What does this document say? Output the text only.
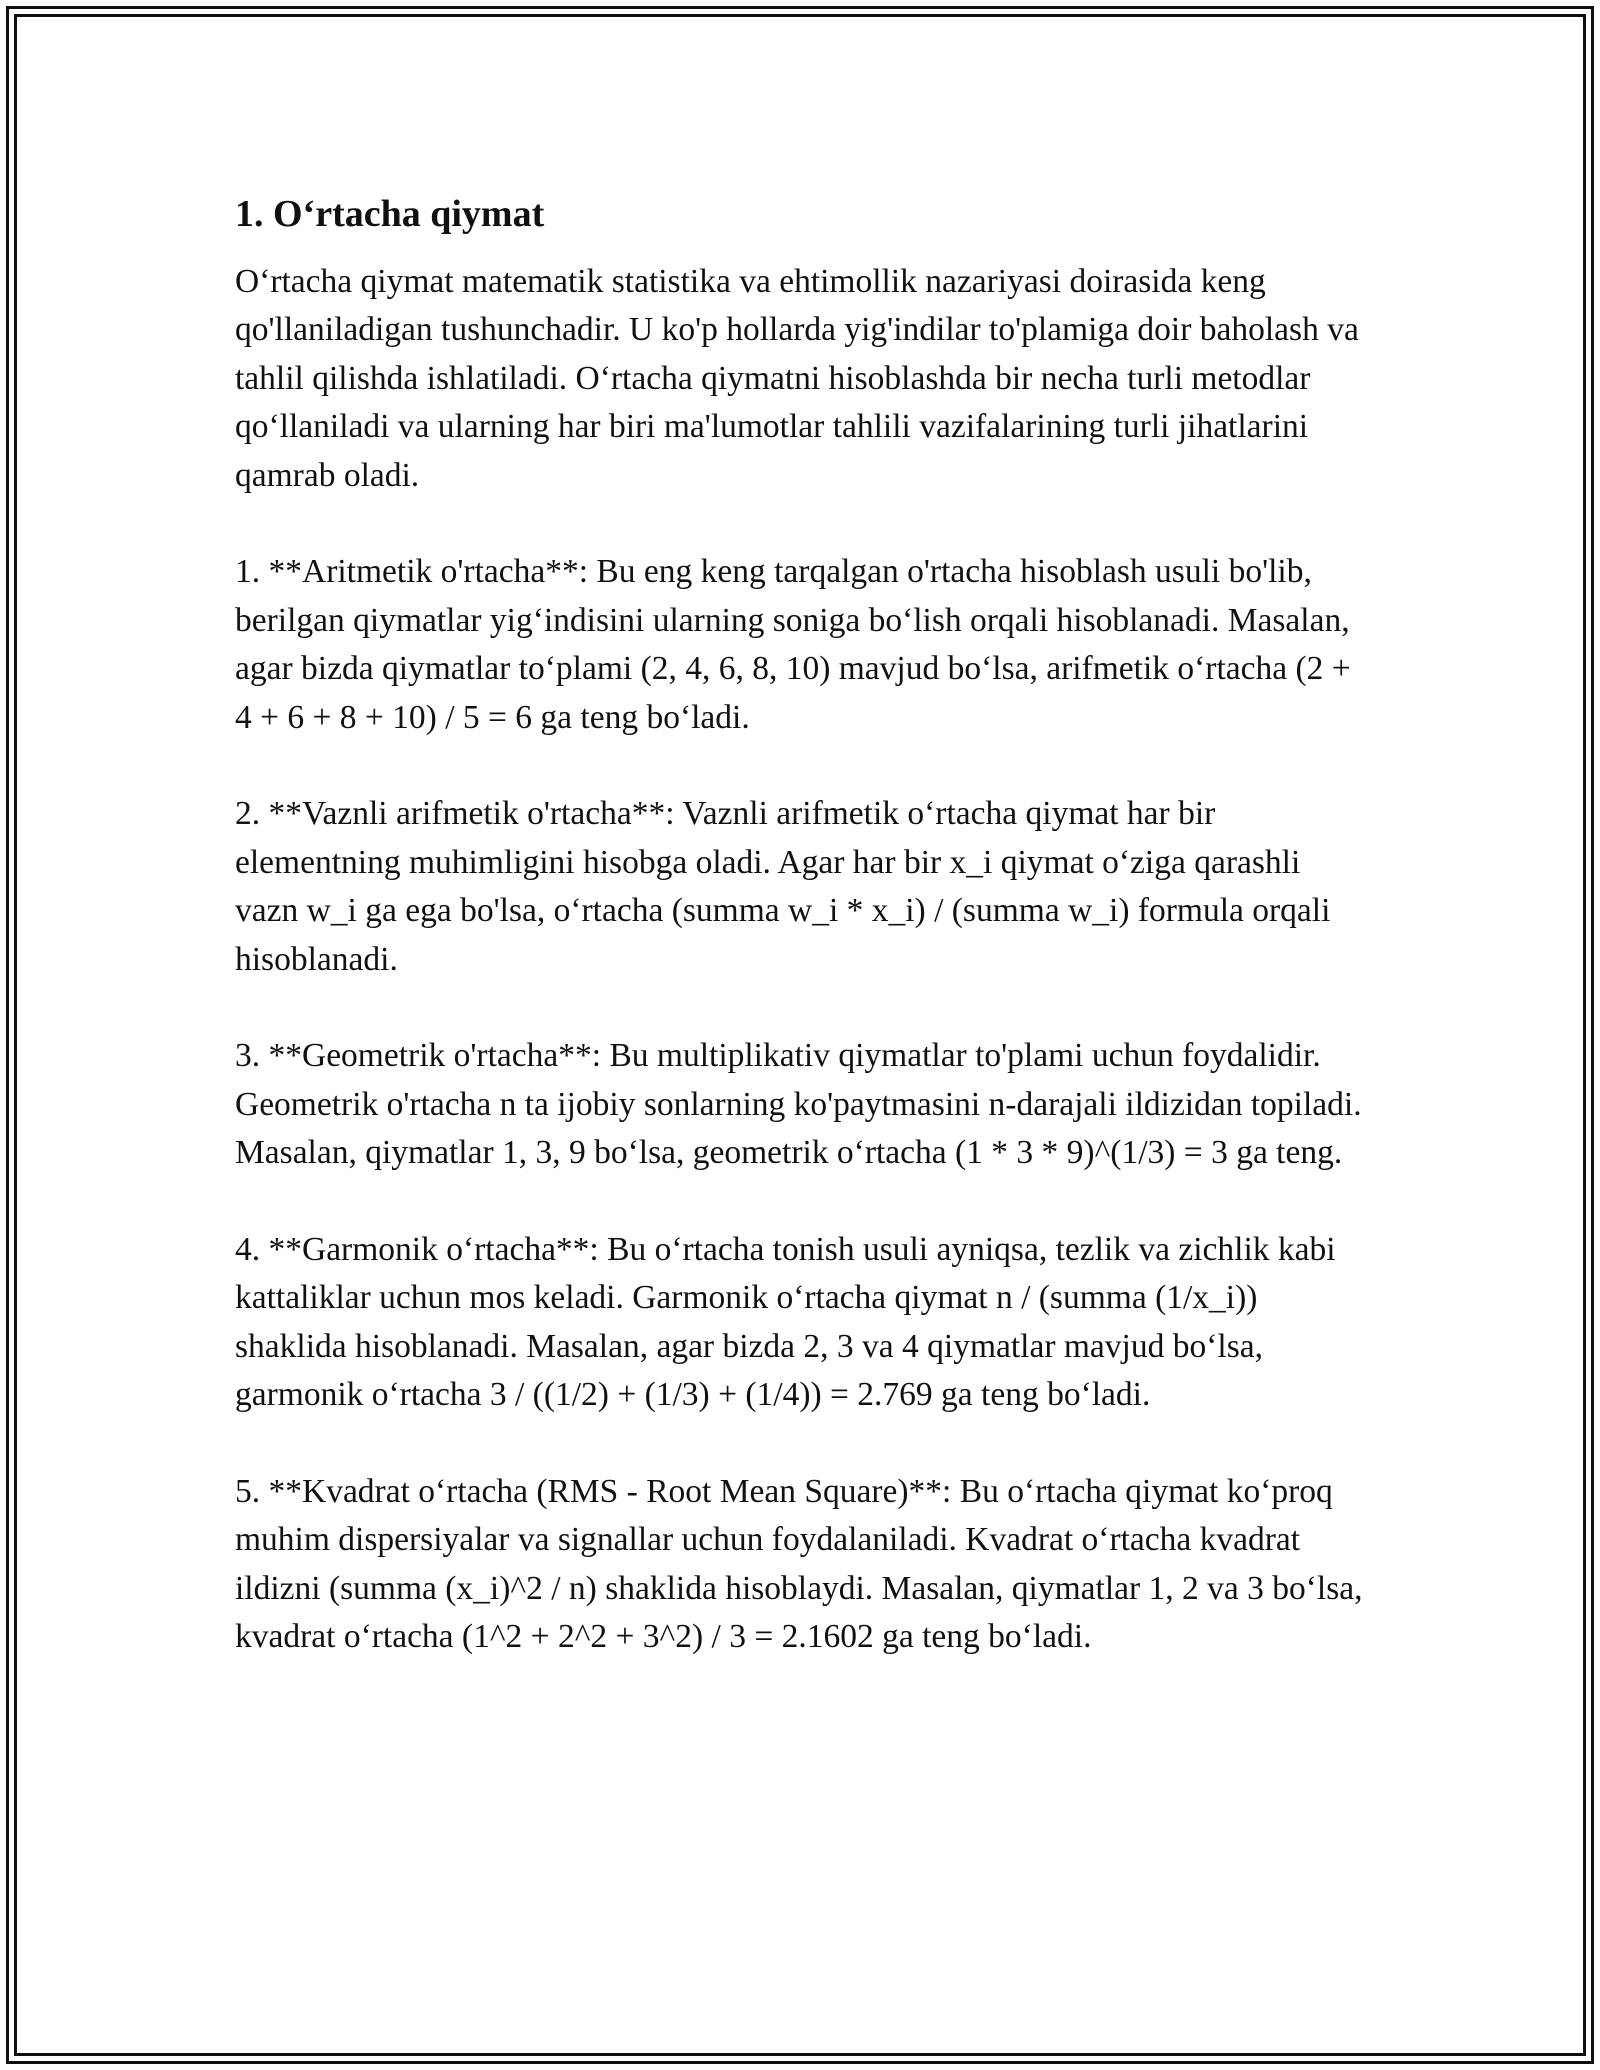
1. O‘rtacha qiymat

O‘rtacha qiymat matematik statistika va ehtimollik nazariyasi doirasida keng qo'llaniladigan tushunchadir. U ko'p hollarda yig'indilar to'plamiga doir baholash va tahlil qilishda ishlatiladi. O‘rtacha qiymatni hisoblashda bir necha turli metodlar qo‘llaniladi va ularning har biri ma'lumotlar tahlili vazifalarining turli jihatlarini qamrab oladi.

1. **Aritmetik o'rtacha**: Bu eng keng tarqalgan o'rtacha hisoblash usuli bo'lib, berilgan qiymatlar yig‘indisini ularning soniga bo‘lish orqali hisoblanadi. Masalan, agar bizda qiymatlar to‘plami (2, 4, 6, 8, 10) mavjud bo‘lsa, arifmetik o‘rtacha (2 + 4 + 6 + 8 + 10) / 5 = 6 ga teng bo‘ladi.

2. **Vaznli arifmetik o'rtacha**: Vaznli arifmetik o‘rtacha qiymat har bir elementning muhimligini hisobga oladi. Agar har bir x_i qiymat o‘ziga qarashli vazn w_i ga ega bo'lsa, o‘rtacha (summa w_i * x_i) / (summa w_i) formula orqali hisoblanadi.

3. **Geometrik o'rtacha**: Bu multiplikativ qiymatlar to'plami uchun foydalidir. Geometrik o'rtacha n ta ijobiy sonlarning ko'paytmasini n-darajali ildizidan topiladi. Masalan, qiymatlar 1, 3, 9 bo‘lsa, geometrik o‘rtacha (1 * 3 * 9)^(1/3) = 3 ga teng.

4. **Garmonik o‘rtacha**: Bu o‘rtacha tonish usuli ayniqsa, tezlik va zichlik kabi kattaliklar uchun mos keladi. Garmonik o‘rtacha qiymat n / (summa (1/x_i)) shaklida hisoblanadi. Masalan, agar bizda 2, 3 va 4 qiymatlar mavjud bo‘lsa, garmonik o‘rtacha 3 / ((1/2) + (1/3) + (1/4)) = 2.769 ga teng bo‘ladi.

5. **Kvadrat o‘rtacha (RMS - Root Mean Square)**: Bu o‘rtacha qiymat ko‘proq muhim dispersiyalar va signallar uchun foydalaniladi. Kvadrat o‘rtacha kvadrat ildizni (summa (x_i)^2 / n) shaklida hisoblaydi. Masalan, qiymatlar 1, 2 va 3 bo‘lsa, kvadrat o‘rtacha (1^2 + 2^2 + 3^2) / 3 = 2.1602 ga teng bo‘ladi.
